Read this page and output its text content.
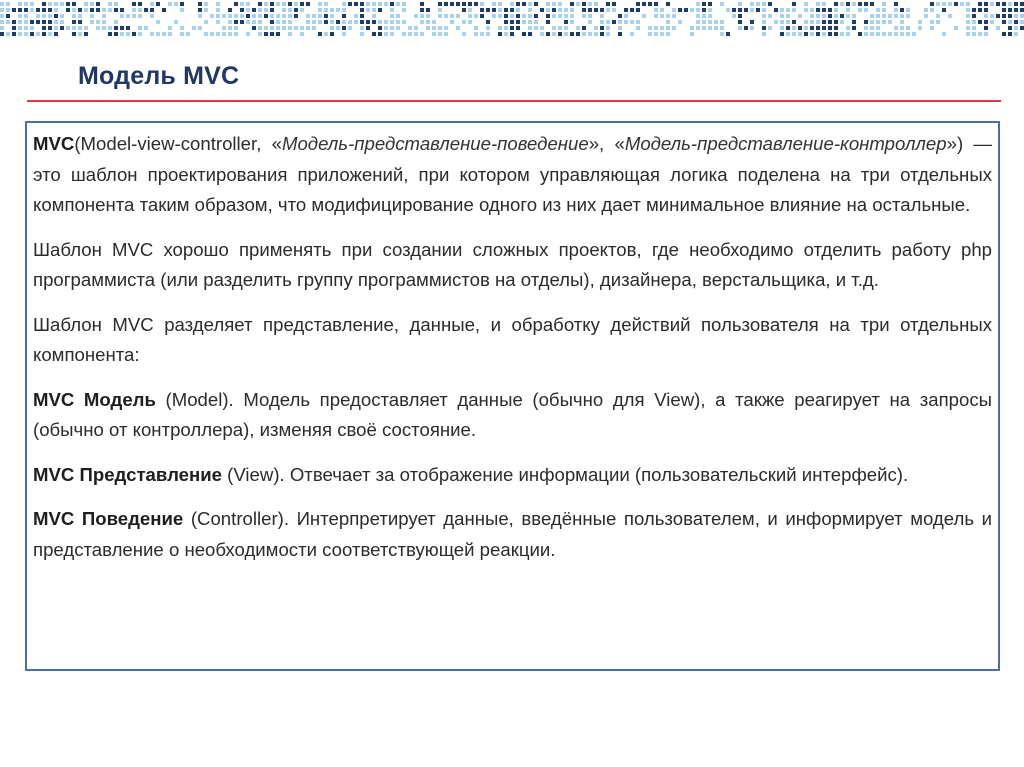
Модель MVC

MVC(Model-view-controller, «Модель-представление-поведение», «Модель-представление-контроллер») — это шаблон проектирования приложений, при котором управляющая логика поделена на три отдельных компонента таким образом, что модифицирование одного из них дает минимальное влияние на остальные.

Шаблон MVC хорошо применять при создании сложных проектов, где необходимо отделить работу php программиста (или разделить группу программистов на отделы), дизайнера, верстальщика, и т.д.

Шаблон MVC разделяет представление, данные, и обработку действий пользователя на три отдельных компонента:

MVC Модель (Model). Модель предоставляет данные (обычно для View), а также реагирует на запросы (обычно от контроллера), изменяя своё состояние.

MVC Представление (View). Отвечает за отображение информации (пользовательский интерфейс).

MVC Поведение (Controller). Интерпретирует данные, введённые пользователем, и информирует модель и представление о необходимости соответствующей реакции.
